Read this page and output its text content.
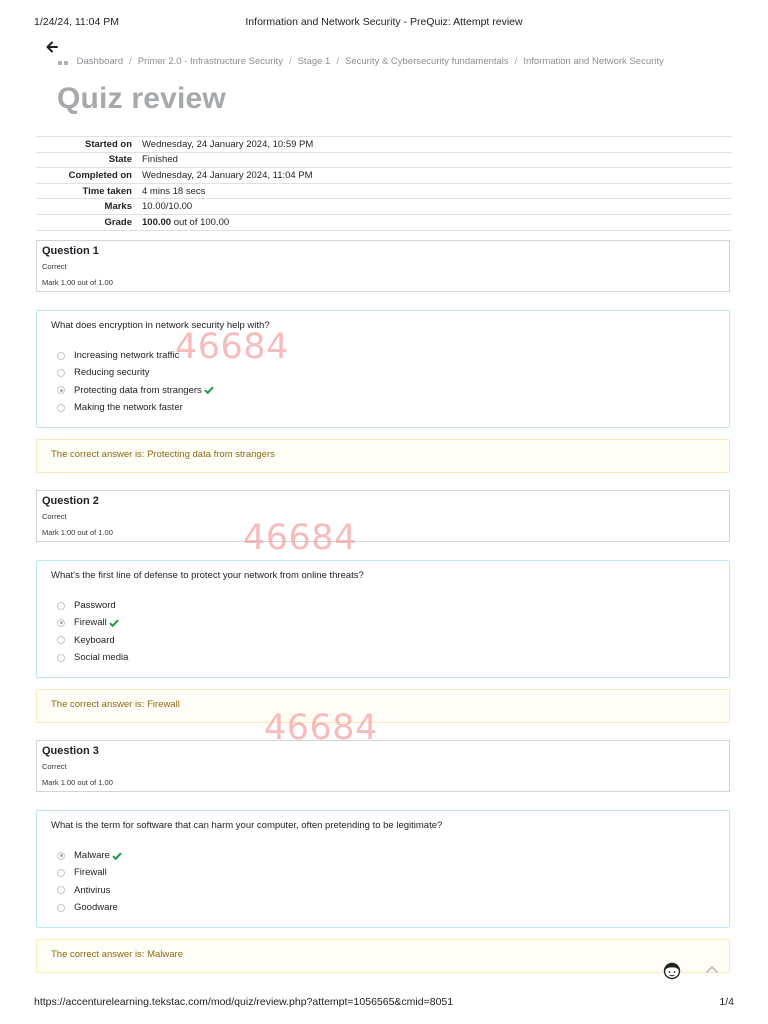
1/24/24, 11:04 PM	Information and Network Security - PreQuiz: Attempt review
Dashboard / Primer 2.0 - Infrastructure Security / Stage 1 / Security & Cybersecurity fundamentals / Information and Network Security
Quiz review
Started on	Wednesday, 24 January 2024, 10:59 PM
State	Finished
Completed on	Wednesday, 24 January 2024, 11:04 PM
Time taken	4 mins 18 secs
Marks	10.00/10.00
Grade	100.00 out of 100.00
Question 1
Correct
Mark 1.00 out of 1.00
What does encryption in network security help with?
Increasing network traffic
Reducing security
Protecting data from strangers
Making the network faster
The correct answer is: Protecting data from strangers
Question 2
Correct
Mark 1.00 out of 1.00
What's the first line of defense to protect your network from online threats?
Password
Firewall
Keyboard
Social media
The correct answer is: Firewall
Question 3
Correct
Mark 1.00 out of 1.00
What is the term for software that can harm your computer, often pretending to be legitimate?
Malware
Firewall
Antivirus
Goodware
The correct answer is: Malware
46684
46684
46684
https://accenturelearning.tekstac.com/mod/quiz/review.php?attempt=1056565&cmid=8051	1/4
